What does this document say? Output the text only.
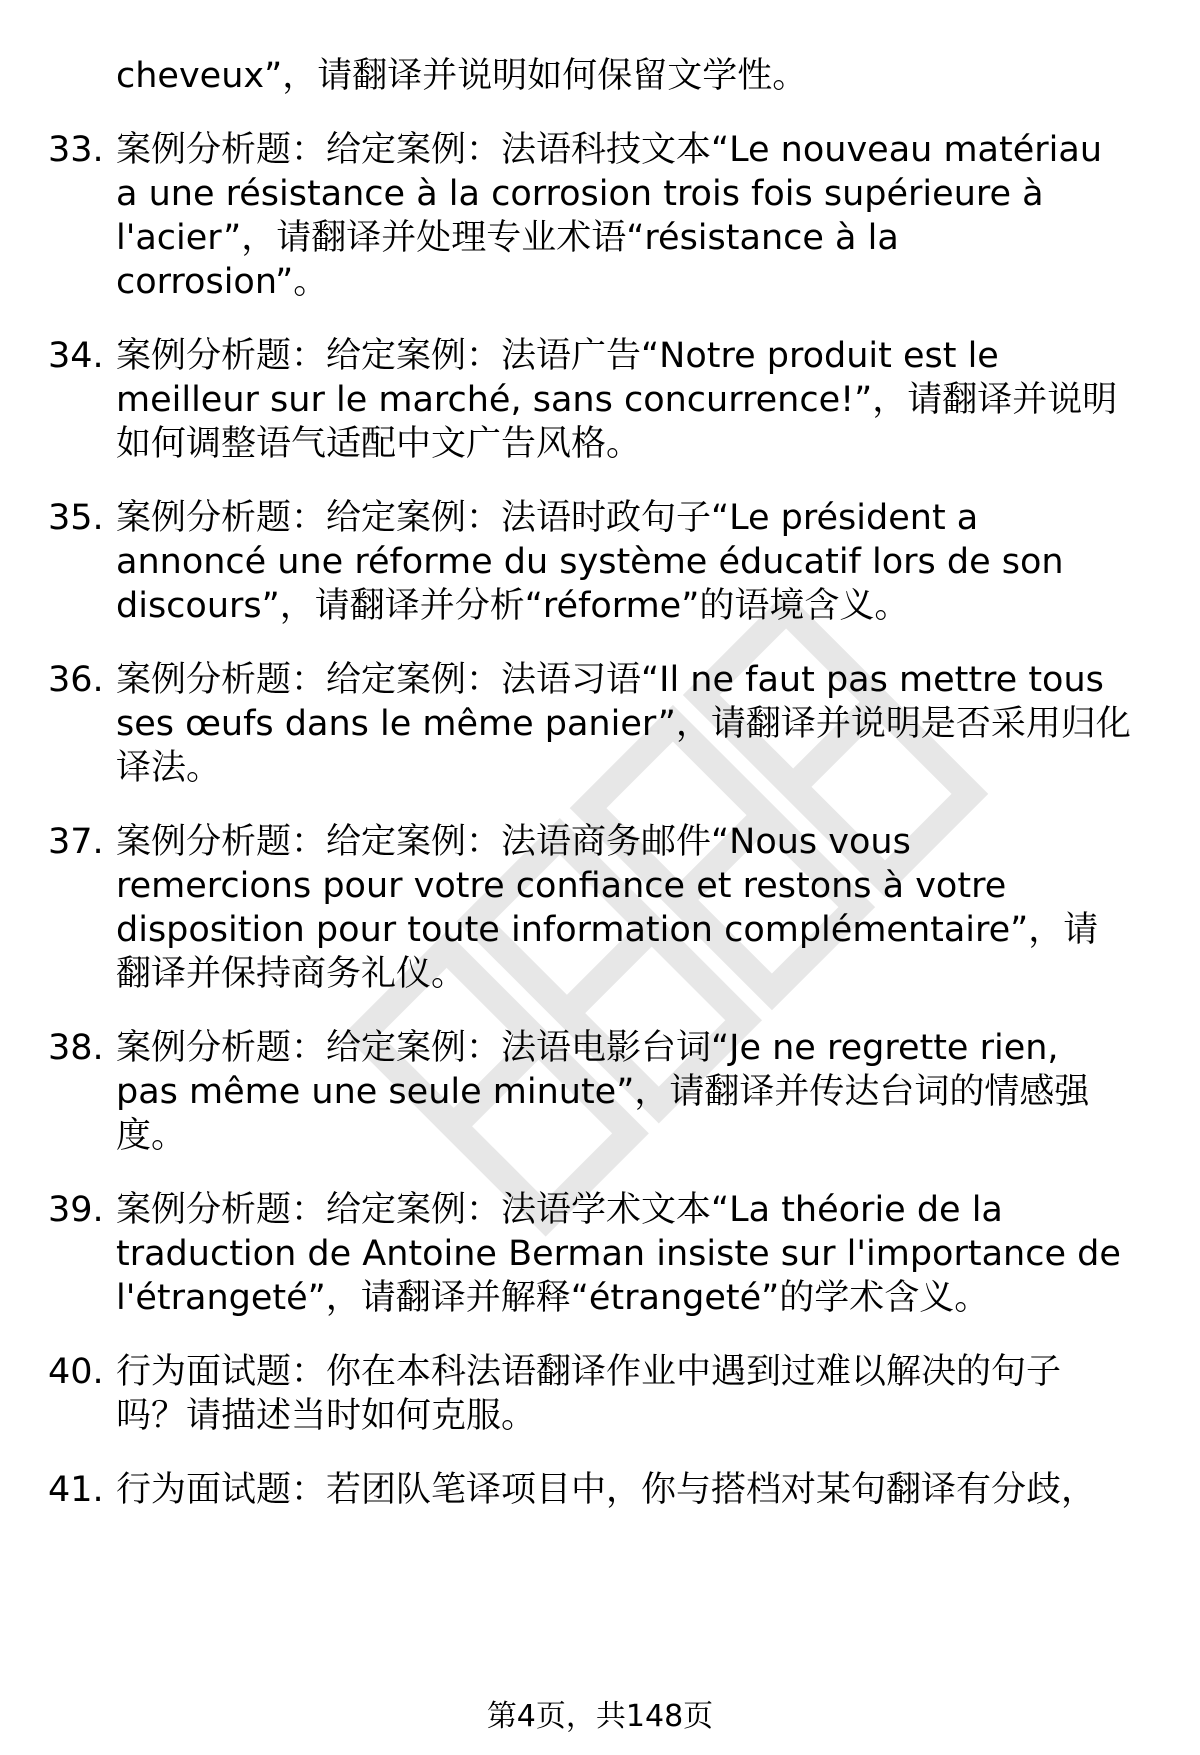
cheveux”，请翻译并说明如何保留文学性。
33. 案例分析题：给定案例：法语科技文本“Le nouveau matériau
a une résistance à la corrosion trois fois supérieure à
l'acier”，请翻译并处理专业术语“résistance à la
corrosion”。
34. 案例分析题：给定案例：法语广告“Notre produit est le
meilleur sur le marché, sans concurrence!”，请翻译并说明
如何调整语气适配中文广告风格。
35. 案例分析题：给定案例：法语时政句子“Le président a
annoncé une réforme du système éducatif lors de son
discours”，请翻译并分析“réforme”的语境含义。
36. 案例分析题：给定案例：法语习语“Il ne faut pas mettre tous
ses œufs dans le même panier”，请翻译并说明是否采用归化
译法。
37. 案例分析题：给定案例：法语商务邮件“Nous vous
remercions pour votre confiance et restons à votre
disposition pour toute information complémentaire”，请
翻译并保持商务礼仪。
38. 案例分析题：给定案例：法语电影台词“Je ne regrette rien,
pas même une seule minute”，请翻译并传达台词的情感强
度。
39. 案例分析题：给定案例：法语学术文本“La théorie de la
traduction de Antoine Berman insiste sur l'importance de
l'étrangeté”，请翻译并解释“étrangeté”的学术含义。
40. 行为面试题：你在本科法语翻译作业中遇到过难以解决的句子
吗？请描述当时如何克服。
41. 行为面试题：若团队笔译项目中，你与搭档对某句翻译有分歧，
第4页，共148页
